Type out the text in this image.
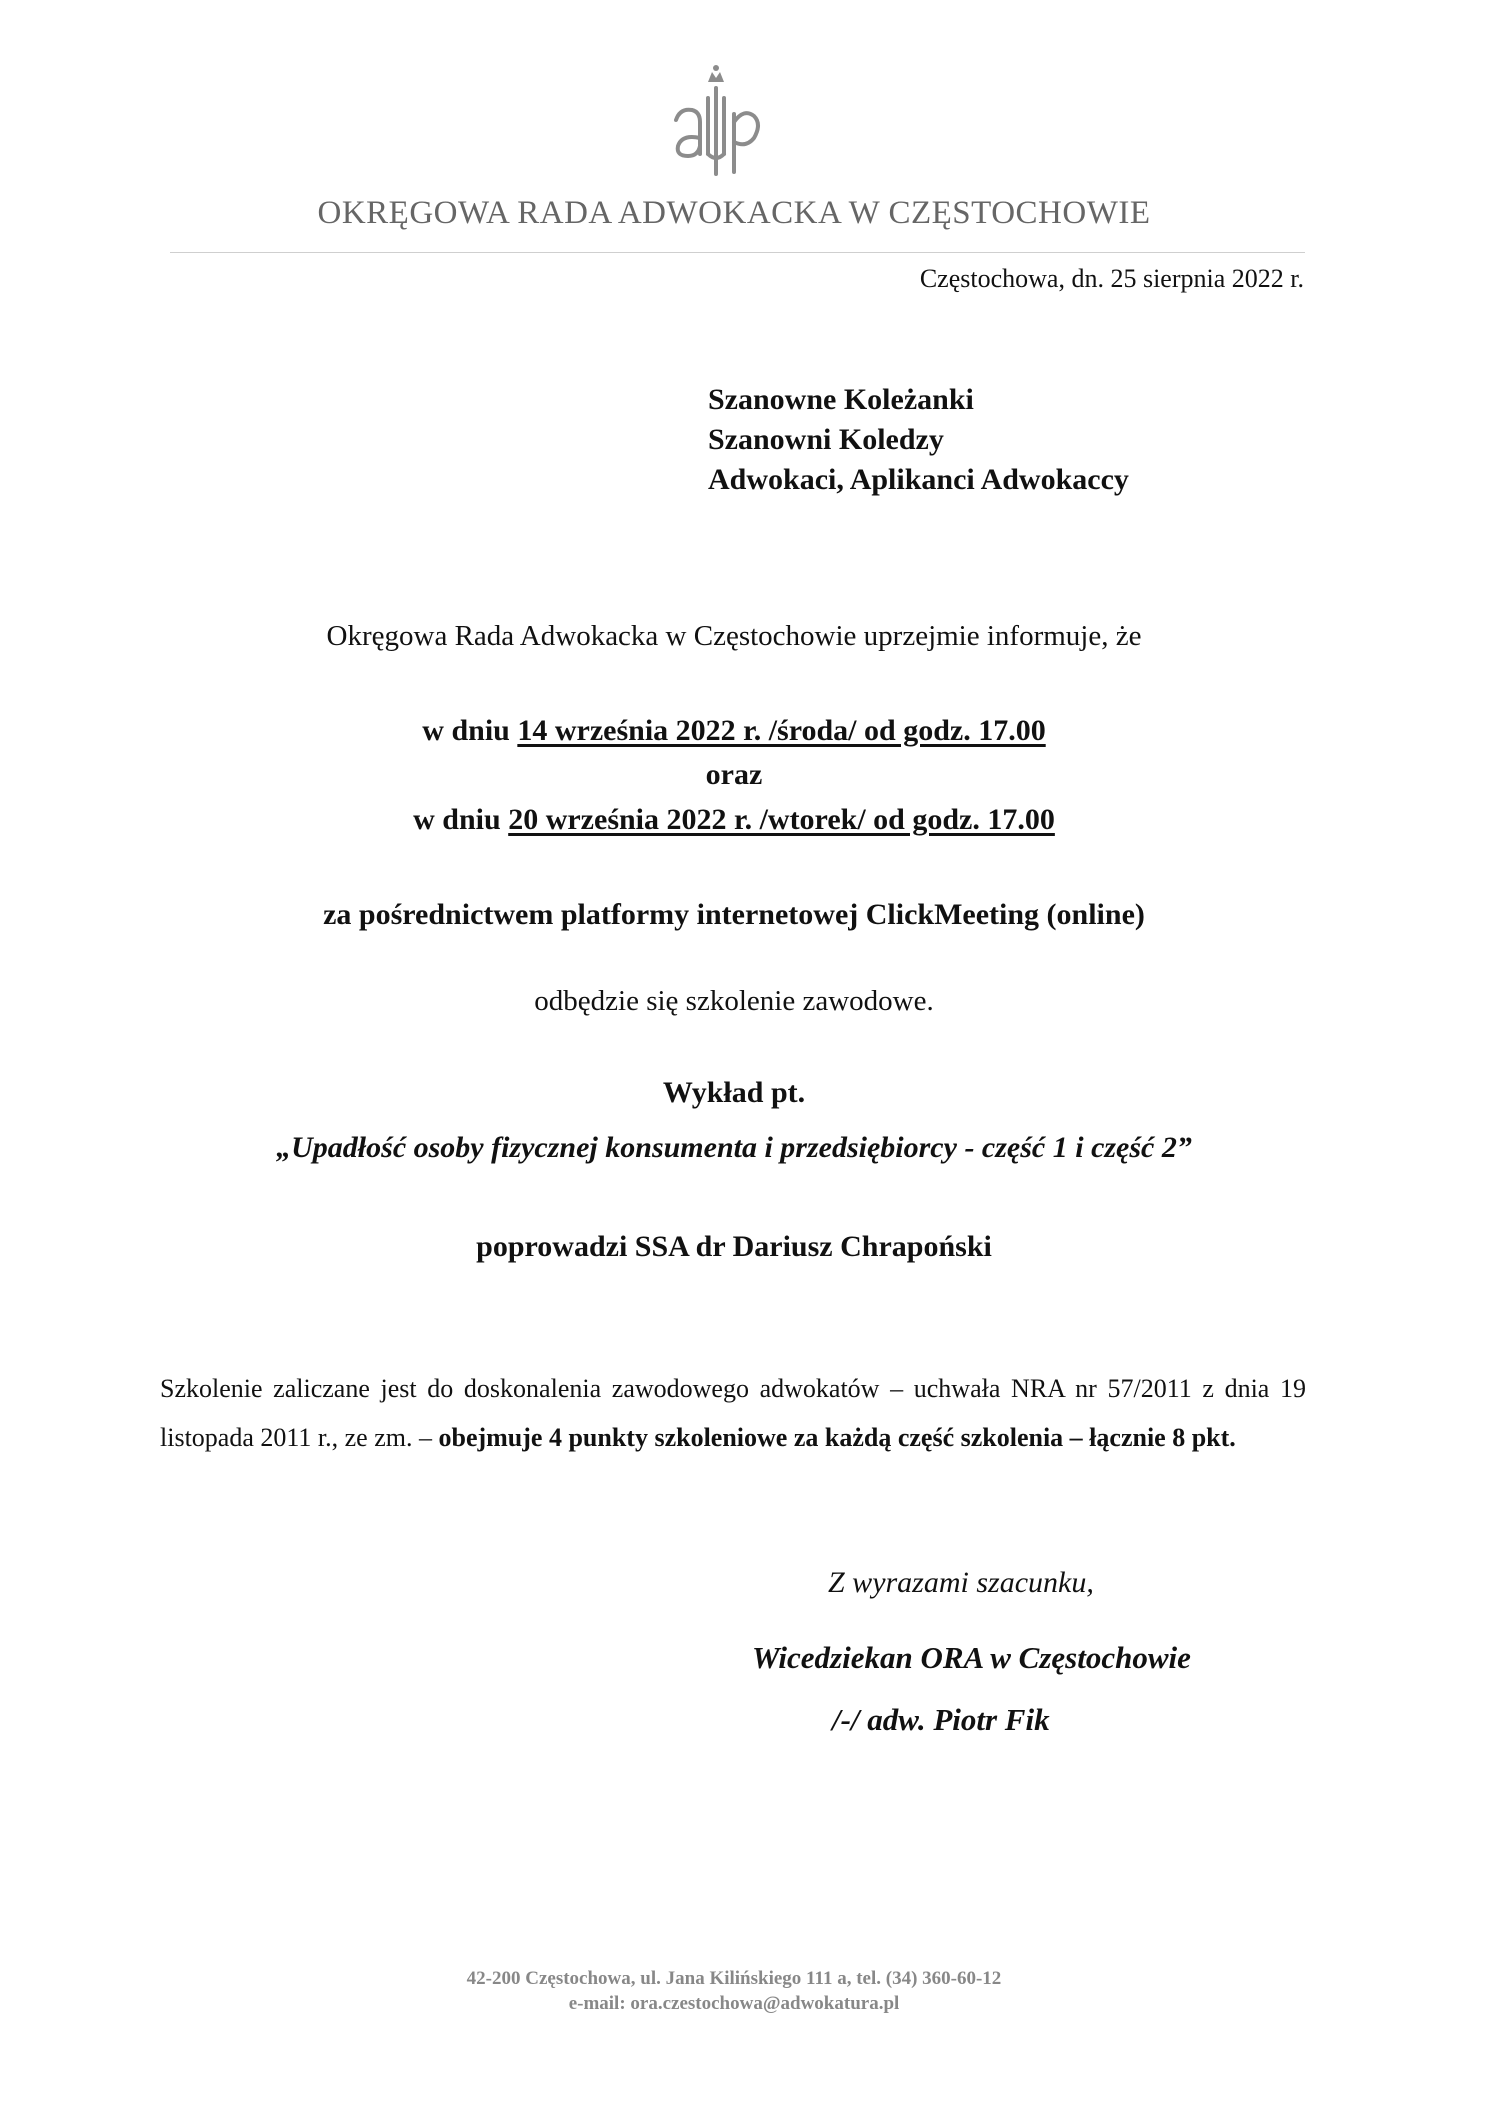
OKRĘGOWA RADA ADWOKACKA W CZĘSTOCHOWIE
Częstochowa, dn. 25 sierpnia 2022 r.
Szanowne Koleżanki
Szanowni Koledzy
Adwokaci, Aplikanci Adwokaccy
Okręgowa Rada Adwokacka w Częstochowie uprzejmie informuje, że
w dniu 14 września 2022 r. /środa/ od godz. 17.00
oraz
w dniu 20 września 2022 r. /wtorek/ od godz. 17.00
za pośrednictwem platformy internetowej ClickMeeting (online)
odbędzie się szkolenie zawodowe.
Wykład pt.
„Upadłość osoby fizycznej konsumenta i przedsiębiorcy - część 1 i część 2”
poprowadzi SSA dr Dariusz Chrapoński
Szkolenie zaliczane jest do doskonalenia zawodowego adwokatów – uchwała NRA nr 57/2011 z dnia 19 listopada 2011 r., ze zm. – obejmuje 4 punkty szkoleniowe za każdą część szkolenia – łącznie 8 pkt.
Z wyrazami szacunku,
Wicedziekan ORA w Częstochowie
/-/ adw. Piotr Fik
42-200 Częstochowa, ul. Jana Kilińskiego 111 a, tel. (34) 360-60-12
e-mail: ora.czestochowa@adwokatura.pl
